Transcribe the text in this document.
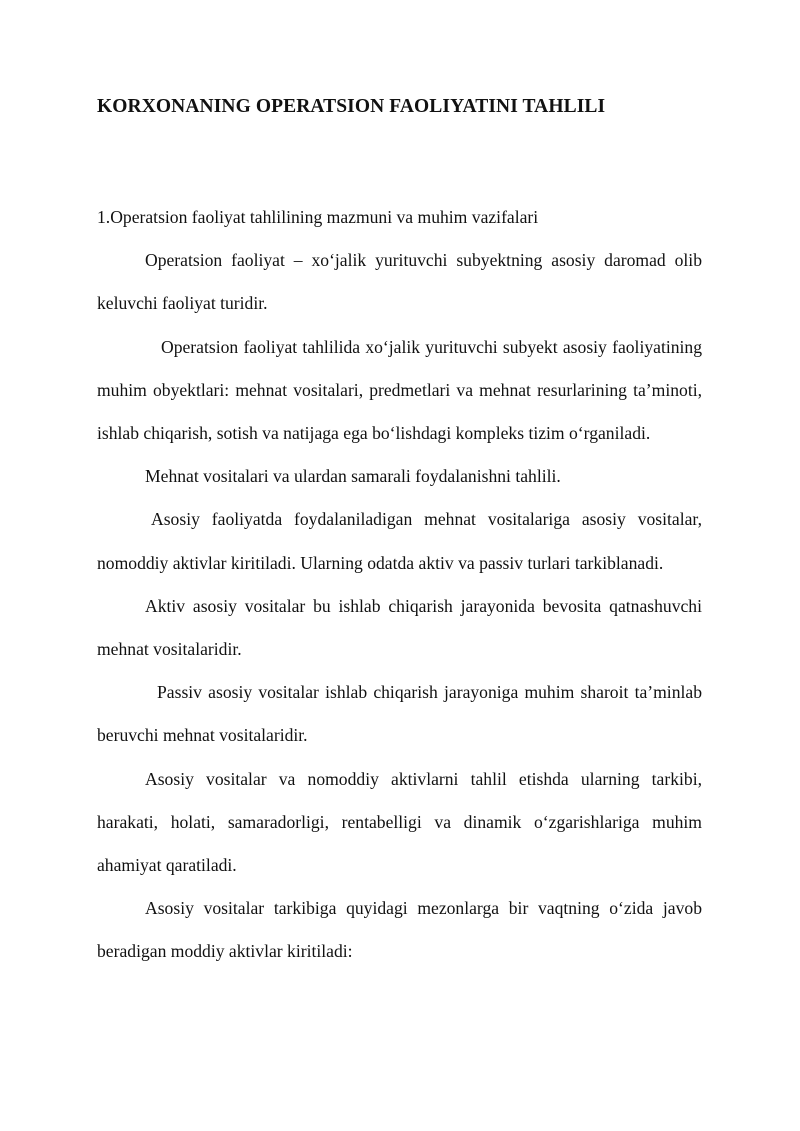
KORXONANING OPERATSION FAOLIYATINI TAHLILI

1.Operatsion faoliyat tahlilining mazmuni va muhim vazifalari

Operatsion faoliyat – xo‘jalik yurituvchi subyektning asosiy daromad olib keluvchi faoliyat turidir.

Operatsion faoliyat tahlilida xo‘jalik yurituvchi subyekt asosiy faoliyatining muhim obyektlari: mehnat vositalari, predmetlari va mehnat resurlarining ta’minoti, ishlab chiqarish, sotish va natijaga ega bo‘lishdagi kompleks tizim o‘rganiladi.

Mehnat vositalari va ulardan samarali foydalanishni tahlili.

Asosiy faoliyatda foydalaniladigan mehnat vositalariga asosiy vositalar, nomoddiy aktivlar kiritiladi. Ularning odatda aktiv va passiv turlari tarkiblanadi.

Aktiv asosiy vositalar bu ishlab chiqarish jarayonida bevosita qatnashuvchi mehnat vositalaridir.

Passiv asosiy vositalar ishlab chiqarish jarayoniga muhim sharoit ta’minlab beruvchi mehnat vositalaridir.

Asosiy vositalar va nomoddiy aktivlarni tahlil etishda ularning tarkibi, harakati, holati, samaradorligi, rentabelligi va dinamik o‘zgarishlariga muhim ahamiyat qaratiladi.

Asosiy vositalar tarkibiga quyidagi mezonlarga bir vaqtning o‘zida javob beradigan moddiy aktivlar kiritiladi:
